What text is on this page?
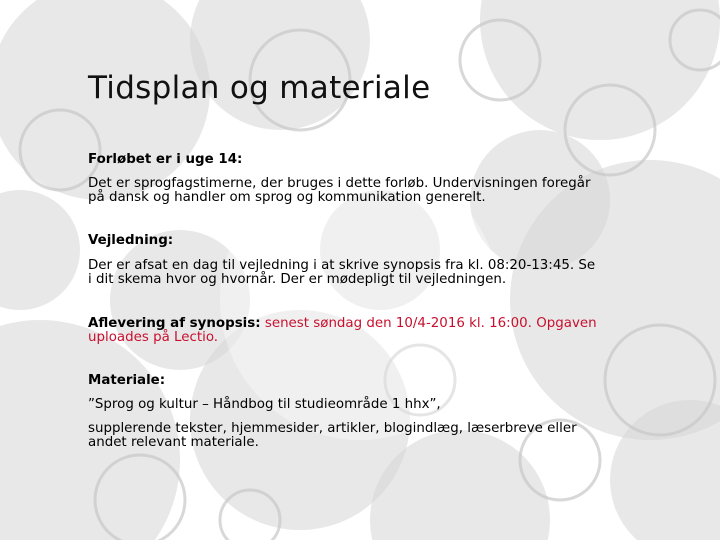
Tidsplan og materiale

Forløbet er i uge 14:

Det er sprogfagstimerne, der bruges i dette forløb. Undervisningen foregår

på dansk og handler om sprog og kommunikation generelt.

Vejledning:

Der er afsat en dag til vejledning i at skrive synopsis fra kl. 08:20-13:45. Se

i dit skema hvor og hvornår. Der er mødepligt til vejledningen.

Aflevering af synopsis: senest søndag den 10/4-2016 kl. 16:00. Opgaven

uploades på Lectio.

Materiale:

”Sprog og kultur – Håndbog til studieområde 1 hhx”,

supplerende tekster, hjemmesider, artikler, blogindlæg, læserbreve eller

andet relevant materiale.
